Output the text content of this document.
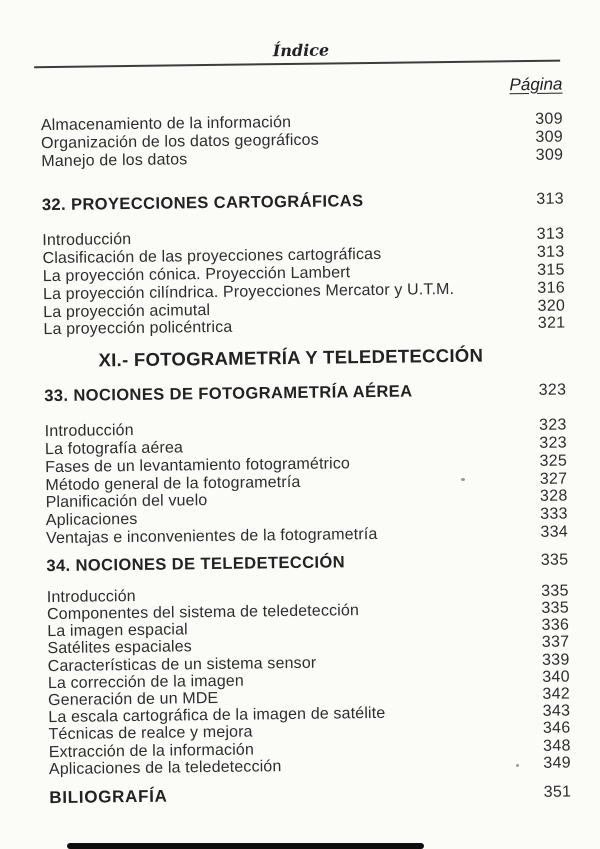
Índice
Página
Almacenamiento de la información	309
Organización de los datos geográficos	309
Manejo de los datos	309
32. PROYECCIONES CARTOGRÁFICAS	313
Introducción	313
Clasificación de las proyecciones cartográficas	313
La proyección cónica. Proyección Lambert	315
La proyección cilíndrica. Proyecciones Mercator y U.T.M.	316
La proyección acimutal	320
La proyección policéntrica	321
XI.- FOTOGRAMETRÍA Y TELEDETECCIÓN
33. NOCIONES DE FOTOGRAMETRÍA AÉREA	323
Introducción	323
La fotografía aérea	323
Fases de un levantamiento fotogramétrico	325
Método general de la fotogrametría	327
Planificación del vuelo	328
Aplicaciones	333
Ventajas e inconvenientes de la fotogrametría	334
34. NOCIONES DE TELEDETECCIÓN	335
Introducción	335
Componentes del sistema de teledetección	335
La imagen espacial	336
Satélites espaciales	337
Características de un sistema sensor	339
La corrección de la imagen	340
Generación de un MDE	342
La escala cartográfica de la imagen de satélite	343
Técnicas de realce y mejora	346
Extracción de la información	348
Aplicaciones de la teledetección	349
BILIOGRAFÍA	351
